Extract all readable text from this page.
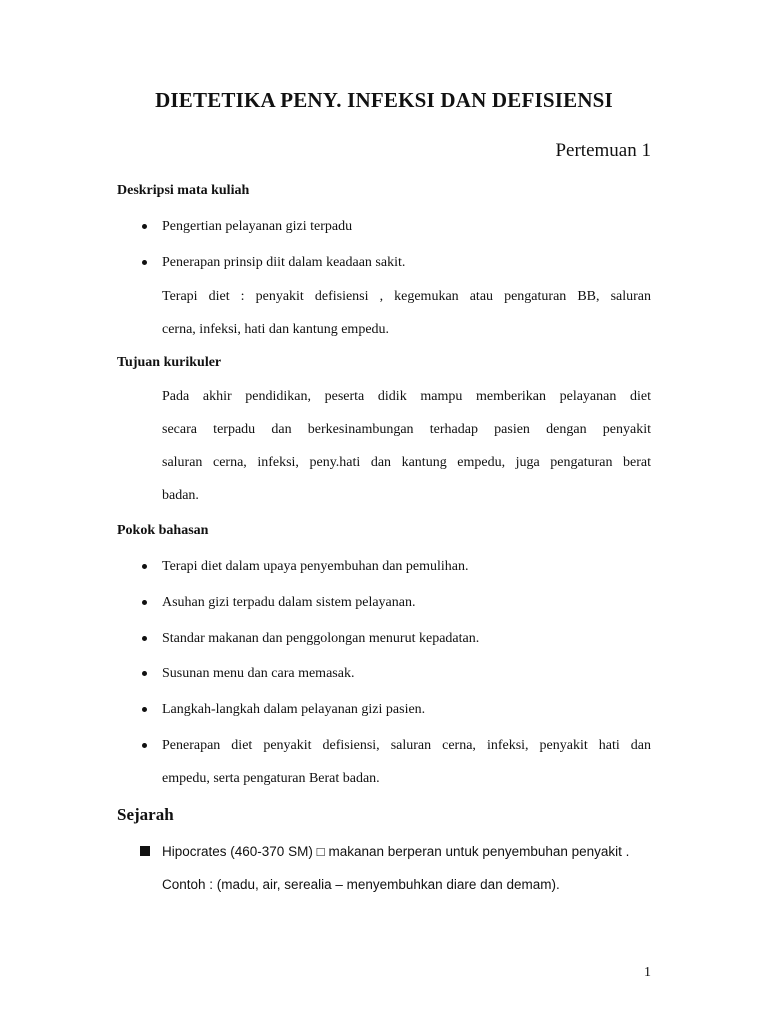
DIETETIKA PENY. INFEKSI DAN DEFISIENSI
Pertemuan 1
Deskripsi mata kuliah
Pengertian pelayanan gizi terpadu
Penerapan prinsip diit dalam keadaan sakit.
Terapi diet : penyakit defisiensi , kegemukan atau pengaturan BB, saluran
cerna, infeksi, hati dan kantung empedu.
Tujuan kurikuler
Pada akhir pendidikan, peserta didik mampu memberikan pelayanan diet
secara terpadu dan berkesinambungan terhadap pasien dengan penyakit
saluran cerna, infeksi, peny.hati dan kantung empedu, juga pengaturan berat
badan.
Pokok bahasan
Terapi diet dalam upaya penyembuhan dan pemulihan.
Asuhan gizi terpadu dalam sistem pelayanan.
Standar makanan dan penggolongan menurut kepadatan.
Susunan menu dan cara memasak.
Langkah-langkah dalam pelayanan gizi pasien.
Penerapan diet penyakit defisiensi, saluran cerna, infeksi, penyakit hati dan
empedu, serta pengaturan Berat badan.
Sejarah
Hipocrates (460-370 SM) □ makanan berperan untuk penyembuhan penyakit .
Contoh : (madu, air, serealia – menyembuhkan diare dan demam).
1
